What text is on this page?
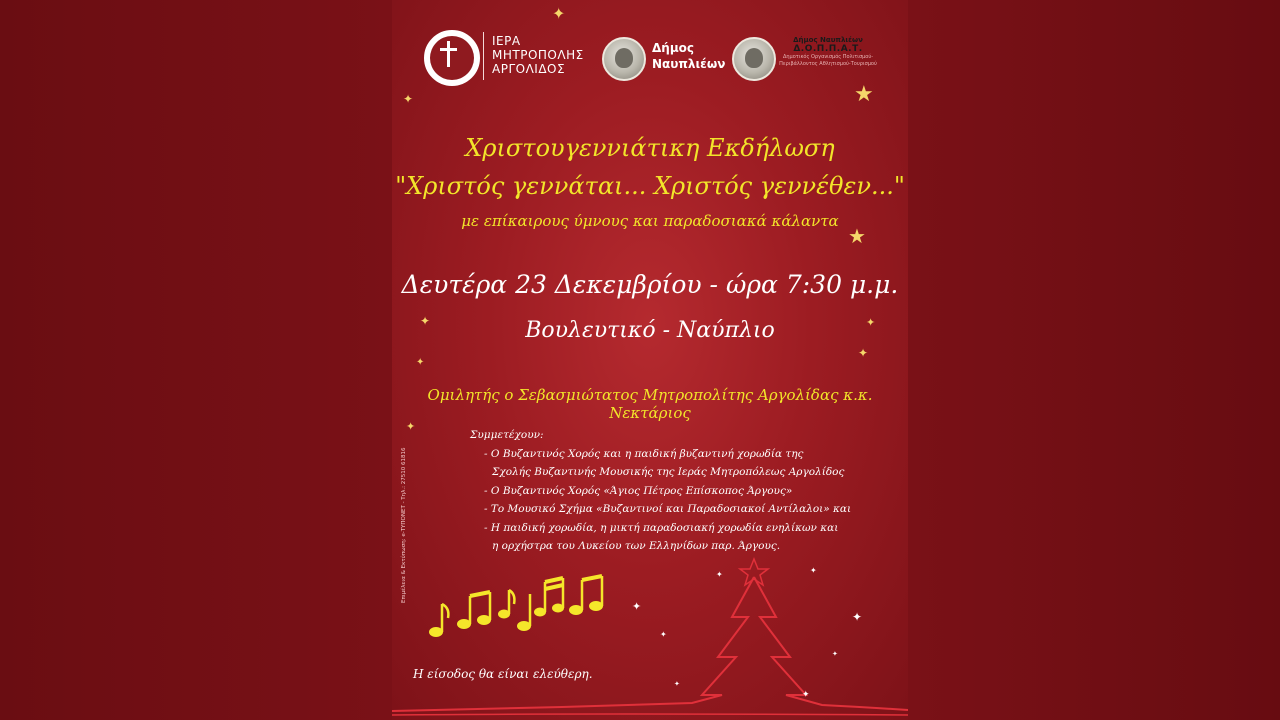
ΙΕΡΑ
ΜΗΤΡΟΠΟΛΗΣ
ΑΡΓΟΛΙΔΟΣ
Δήμος
Ναυπλιέων
Δήμος Ναυπλιέων
Δ.Ο.Π.Π.Α.Τ.
Δημοτικός Οργανισμός Πολιτισμού-Περιβάλλοντος Αθλητισμού-Τουρισμού
Χριστουγεννιάτικη Εκδήλωση
"Χριστός γεννάται... Χριστός γεννέθεν..."
με επίκαιρους ύμνους και παραδοσιακά κάλαντα
Δευτέρα 23 Δεκεμβρίου - ώρα 7:30 μ.μ.
Βουλευτικό - Ναύπλιο
Ομιλητής ο Σεβασμιώτατος Μητροπολίτης Αργολίδας κ.κ. Νεκτάριος
Συμμετέχουν:
- Ο Βυζαντινός Χορός και η παιδική βυζαντινή χορωδία της
Σχολής Βυζαντινής Μουσικής της Ιεράς Μητροπόλεως Αργολίδος
- Ο Βυζαντινός Χορός «Άγιος Πέτρος Επίσκοπος Άργους»
- Το Μουσικό Σχήμα «Βυζαντινοί και Παραδοσιακοί Αντίλαλοι» και
- Η παιδική χορωδία, η μικτή παραδοσιακή χορωδία ενηλίκων και
η ορχήστρα του Λυκείου των Ελληνίδων παρ. Άργους.
Επιμέλεια & Εκτύπωση: e-ΤΥΠΟΝΕΤ - Τηλ.: 27510 61816
Η είσοδος θα είναι ελεύθερη.
✦
✦	★
★
✦	✦
✦
✦
✦
✦
✦	✦
✦
✦
✦
✦
✦
